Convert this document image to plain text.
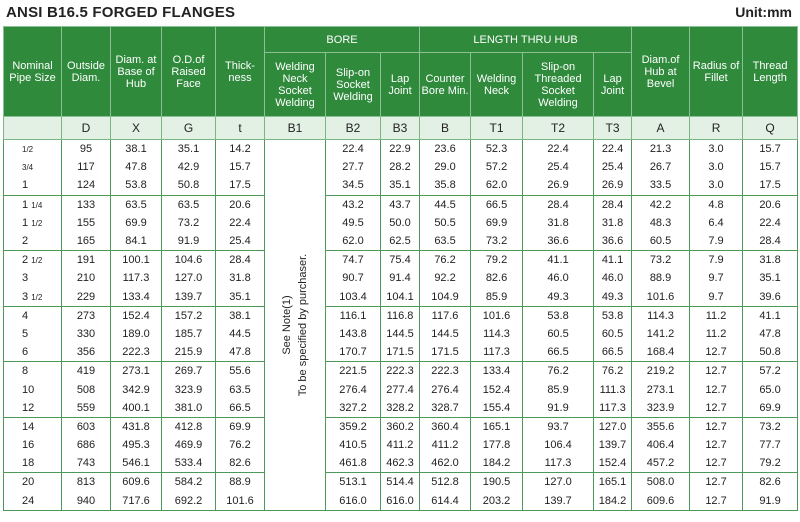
ANSI B16.5 FORGED FLANGES	Unit:mm
Nominal Pipe Size	Outside Diam.	Diam. at Base of Hub	O.D.of Raised Face	Thick-ness	BORE			LENGTH THRU HUB				Diam.of Hub at Bevel	Radius of Fillet	Thread Length
					Welding Neck Socket Welding	Slip-on Socket Welding	Lap Joint	Counter Bore Min.	Welding Neck	Slip-on Threaded Socket Welding	Lap Joint			
	D	X	G	t	B1	B2	B3	B	T1	T2	T3	A	R	Q
1/2	95	38.1	35.1	14.2	See Note(1) To be specified by purchaser.	22.4	22.9	23.6	52.3	22.4	22.4	21.3	3.0	15.7
3/4	117	47.8	42.9	15.7		27.7	28.2	29.0	57.2	25.4	25.4	26.7	3.0	15.7
1	124	53.8	50.8	17.5		34.5	35.1	35.8	62.0	26.9	26.9	33.5	3.0	17.5
1 1/4	133	63.5	63.5	20.6		43.2	43.7	44.5	66.5	28.4	28.4	42.2	4.8	20.6
1 1/2	155	69.9	73.2	22.4		49.5	50.0	50.5	69.9	31.8	31.8	48.3	6.4	22.4
2	165	84.1	91.9	25.4		62.0	62.5	63.5	73.2	36.6	36.6	60.5	7.9	28.4
2 1/2	191	100.1	104.6	28.4		74.7	75.4	76.2	79.2	41.1	41.1	73.2	7.9	31.8
3	210	117.3	127.0	31.8		90.7	91.4	92.2	82.6	46.0	46.0	88.9	9.7	35.1
3 1/2	229	133.4	139.7	35.1		103.4	104.1	104.9	85.9	49.3	49.3	101.6	9.7	39.6
4	273	152.4	157.2	38.1		116.1	116.8	117.6	101.6	53.8	53.8	114.3	11.2	41.1
5	330	189.0	185.7	44.5		143.8	144.5	144.5	114.3	60.5	60.5	141.2	11.2	47.8
6	356	222.3	215.9	47.8		170.7	171.5	171.5	117.3	66.5	66.5	168.4	12.7	50.8
8	419	273.1	269.7	55.6		221.5	222.3	222.3	133.4	76.2	76.2	219.2	12.7	57.2
10	508	342.9	323.9	63.5		276.4	277.4	276.4	152.4	85.9	111.3	273.1	12.7	65.0
12	559	400.1	381.0	66.5		327.2	328.2	328.7	155.4	91.9	117.3	323.9	12.7	69.9
14	603	431.8	412.8	69.9		359.2	360.2	360.4	165.1	93.7	127.0	355.6	12.7	73.2
16	686	495.3	469.9	76.2		410.5	411.2	411.2	177.8	106.4	139.7	406.4	12.7	77.7
18	743	546.1	533.4	82.6		461.8	462.3	462.0	184.2	117.3	152.4	457.2	12.7	79.2
20	813	609.6	584.2	88.9		513.1	514.4	512.8	190.5	127.0	165.1	508.0	12.7	82.6
24	940	717.6	692.2	101.6		616.0	616.0	614.4	203.2	139.7	184.2	609.6	12.7	91.9
